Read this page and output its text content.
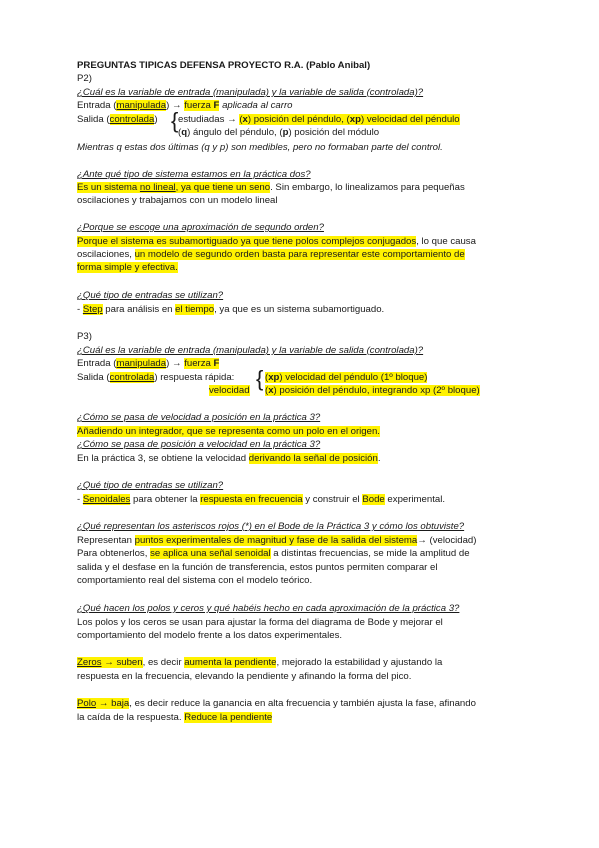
PREGUNTAS TIPICAS DEFENSA PROYECTO R.A. (Pablo Anibal)
P2)
¿Cuál es la variable de entrada (manipulada) y la variable de salida (controlada)?
Entrada (manipulada) → fuerza F aplicada al carro
Salida (controlada) { estudiadas → (x) posición del péndulo, (xp) velocidad del péndulo
(q) ángulo del péndulo, (p) posición del módulo
Mientras q estas dos últimas (q y p) son medibles, pero no formaban parte del control.
¿Ante qué tipo de sistema estamos en la práctica dos?
Es un sistema no lineal, ya que tiene un seno. Sin embargo, lo linealizamos para pequeñas
oscilaciones y trabajamos con un modelo lineal
¿Porque se escoge una aproximación de segundo orden?
Porque el sistema es subamortiguado ya que tiene polos complejos conjugados, lo que causa
oscilaciones, un modelo de segundo orden basta para representar este comportamiento de
forma simple y efectiva.
¿Qué tipo de entradas se utilizan?
- Step para análisis en el tiempo, ya que es un sistema subamortiguado.
P3)
¿Cuál es la variable de entrada (manipulada) y la variable de salida (controlada)?
Entrada (manipulada) → fuerza F
Salida (controlada) respuesta rápida:
velocidad { (xp) velocidad del péndulo (1º bloque)
(x) posición del péndulo, integrando xp (2º bloque)
¿Cómo se pasa de velocidad a posición en la práctica 3?
Añadiendo un integrador, que se representa como un polo en el origen.
¿Cómo se pasa de posición a velocidad en la práctica 3?
En la práctica 3, se obtiene la velocidad derivando la señal de posición.
¿Qué tipo de entradas se utilizan?
- Senoidales para obtener la respuesta en frecuencia y construir el Bode experimental.
¿Qué representan los asteriscos rojos (*) en el Bode de la Práctica 3 y cómo los obtuviste?
Representan puntos experimentales de magnitud y fase de la salida del sistema→ (velocidad)
Para obtenerlos, se aplica una señal senoidal a distintas frecuencias, se mide la amplitud de
salida y el desfase en la función de transferencia, estos puntos permiten comparar el
comportamiento real del sistema con el modelo teórico.
¿Qué hacen los polos y ceros y qué habéis hecho en cada aproximación de la práctica 3?
Los polos y los ceros se usan para ajustar la forma del diagrama de Bode y mejorar el
comportamiento del modelo frente a los datos experimentales.
Zeros → suben, es decir aumenta la pendiente, mejorado la estabilidad y ajustando la
respuesta en la frecuencia, elevando la pendiente y afinando la forma del pico.
Polo → baja, es decir reduce la ganancia en alta frecuencia y también ajusta la fase, afinando
la caída de la respuesta. Reduce la pendiente
